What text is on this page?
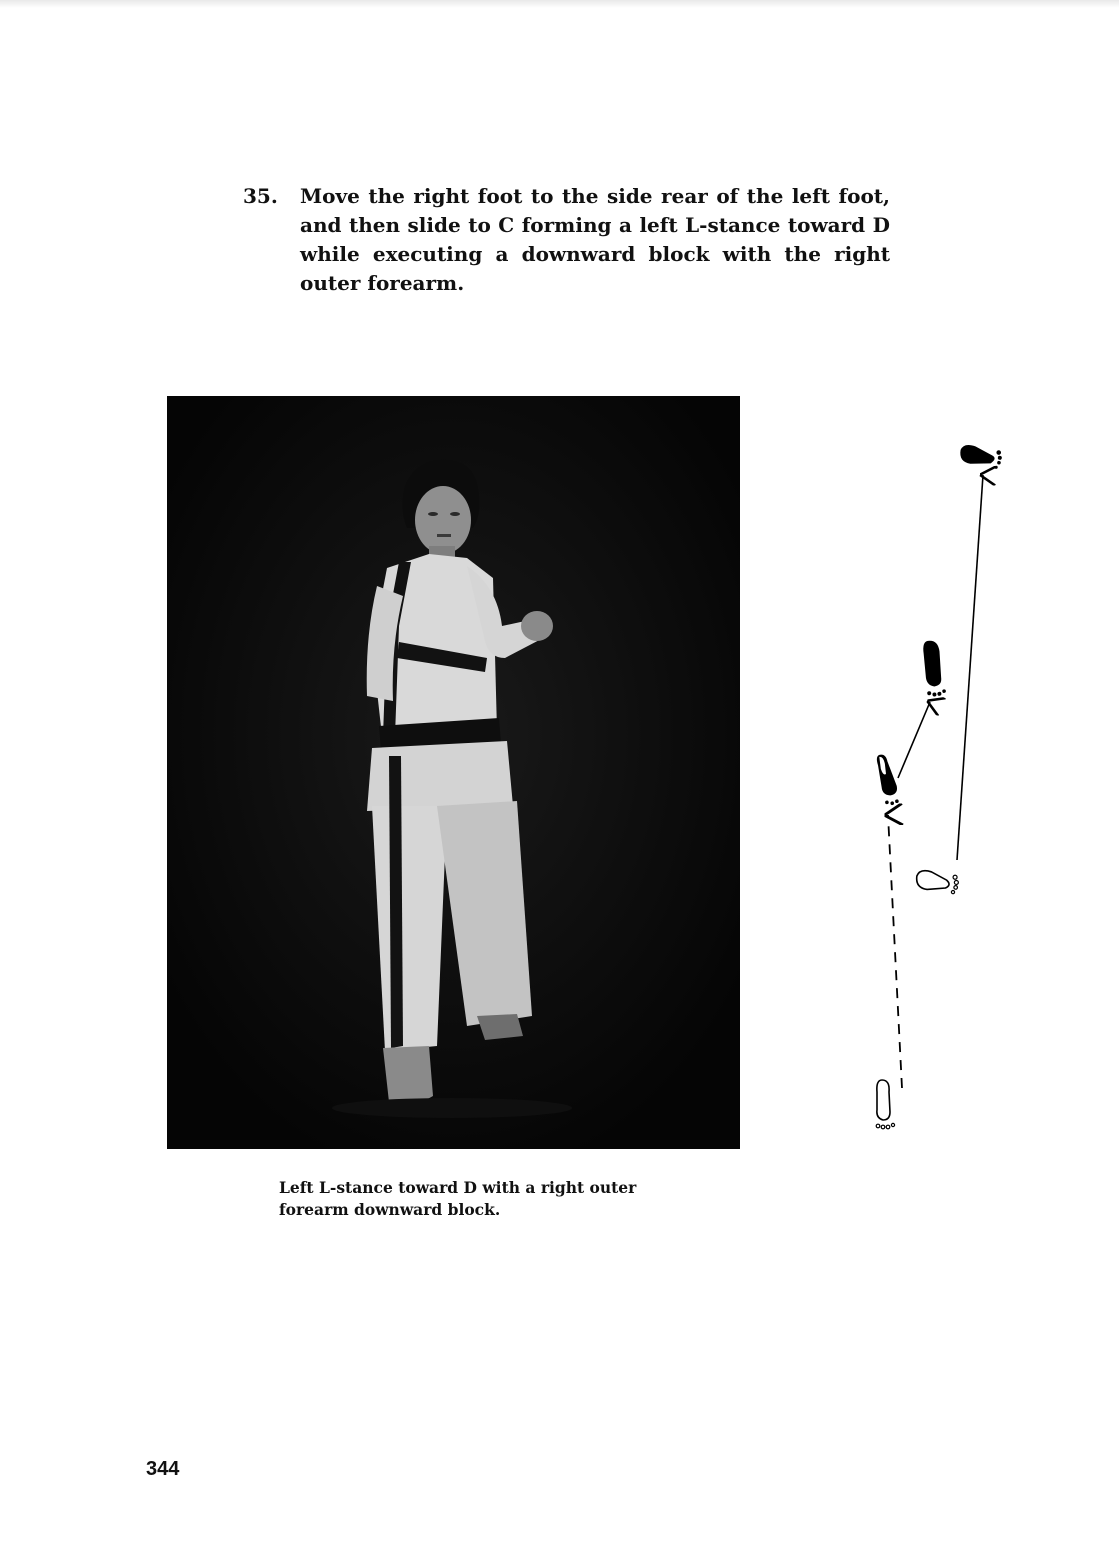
35.	Move the right foot to the side rear of the left foot, and then slide to C forming a left L-stance toward D while executing a downward block with the right outer forearm.
Left L-stance toward D with a right outer forearm downward block.
344
